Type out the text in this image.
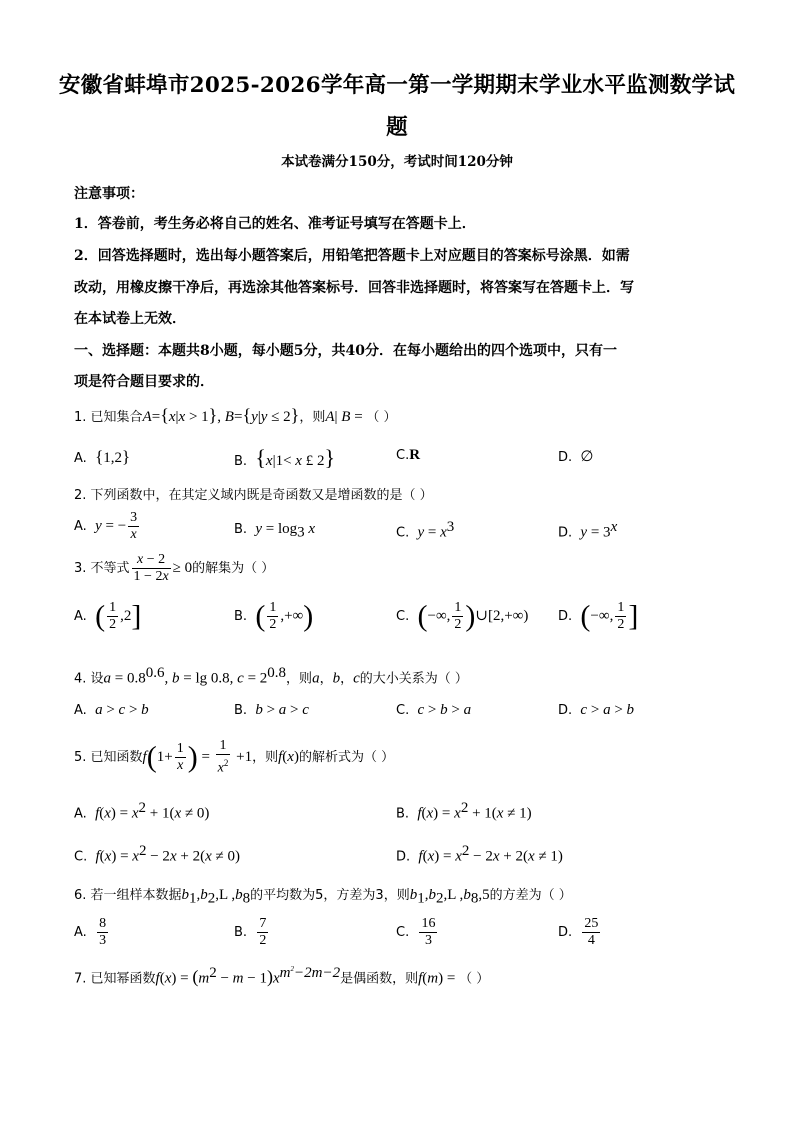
安徽省蚌埠市2025-2026学年高一第一学期期末学业水平监测数学试
题
本试卷满分150分，考试时间120分钟
注意事项：
1．答卷前，考生务必将自己的姓名、准考证号填写在答题卡上．
2．回答选择题时，选出每小题答案后，用铅笔把答题卡上对应题目的答案标号涂黑．如需
改动，用橡皮擦干净后，再选涂其他答案标号．回答非选择题时，将答案写在答题卡上．写
在本试卷上无效．
一、选择题：本题共8小题，每小题5分，共40分．在每小题给出的四个选项中，只有一
项是符合题目要求的．
1. 已知集合A={x|x > 1}, B={y|y ≤ 2}，则A| B = （ ）
A. {1,2}	B. {x|1< x £ 2}	C.R	D. ∅
2. 下列函数中，在其定义域内既是奇函数又是增函数的是（ ）
A. y = − $\frac{3}{x}$	B. $y = \log_3 x$	C. $y = x^3$	D. $y = 3^x$
3. 不等式 $\frac{x - 2}{1 - 2x} \ge 0$的解集为（ ）
A. ( $\frac{1}{2} ,2$]	B. ( $\frac{1}{2}$ ,+∞)	C. (−∞, $\frac{1}{2}$ )∪[2,+∞) D. (−∞, $\frac{1}{2}$ ]
4. 设$a = 0.8^{0.6}$, b = lg 0.8, $c = 2^{0.8}$，则a，b，c的大小关系为（ ）
A. a > c > b	B. b > a > c	C. c > b > a	D. c > a > b
5. 已知函数$f(1+ \frac{1}{x}$ ) = $\frac{1}{x^2} +1$，则f(x)的解析式为（ ）
A. $f(x) = x^2 + 1(x \ne 0)$	B. $f(x) = x^2 + 1(x \ne 1)$
C. $f(x) = x^2 - 2x + 2(x \ne 0)$	D. $f(x) = x^2 - 2x + 2(x \ne 1)$
6. 若一组样本数据$b_1,b_2,L$ $,b_8$的平均数为5，方差为3，则$b_1,b_2,L$ $,b_8,5$的方差为（ ）
A. $\frac{8}{3}$	B. $\frac{7}{2}$	C. $\frac{16}{3}$	D. $\frac{25}{4}$
7. 已知幂函数$f(x) = (m^2 - m - 1)x^{m^2-2m-2}$是偶函数，则f(m) = （ ）
